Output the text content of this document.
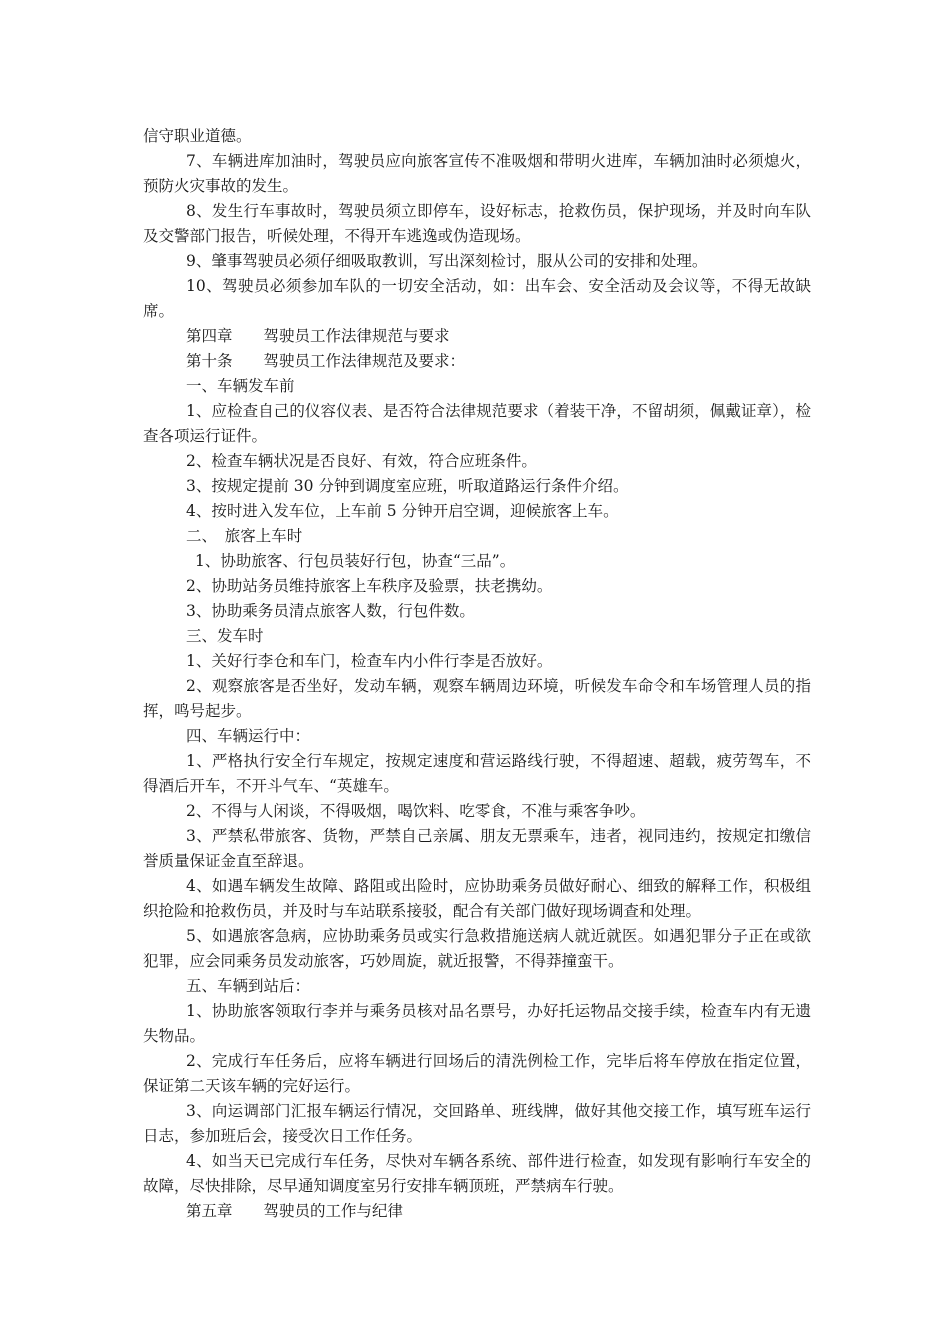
信守职业道德。

7、车辆进库加油时，驾驶员应向旅客宣传不准吸烟和带明火进库，车辆加油时必须熄火，预防火灾事故的发生。

8、发生行车事故时，驾驶员须立即停车，设好标志，抢救伤员，保护现场，并及时向车队及交警部门报告，听候处理，不得开车逃逸或伪造现场。

9、肇事驾驶员必须仔细吸取教训，写出深刻检讨，服从公司的安排和处理。

10、驾驶员必须参加车队的一切安全活动，如：出车会、安全活动及会议等，不得无故缺席。

第四章　　驾驶员工作法律规范与要求

第十条　　驾驶员工作法律规范及要求：

一、车辆发车前

1、应检查自己的仪容仪表、是否符合法律规范要求（着装干净，不留胡须，佩戴证章），检查各项运行证件。

2、检查车辆状况是否良好、有效，符合应班条件。

3、按规定提前 30 分钟到调度室应班，听取道路运行条件介绍。

4、按时进入发车位，上车前 5 分钟开启空调，迎候旅客上车。

二、　旅客上车时

1、协助旅客、行包员装好行包，协查“三品”。

2、协助站务员维持旅客上车秩序及验票，扶老携幼。

3、协助乘务员清点旅客人数，行包件数。

三、发车时

1、关好行李仓和车门，检查车内小件行李是否放好。

2、观察旅客是否坐好，发动车辆，观察车辆周边环境，听候发车命令和车场管理人员的指挥，鸣号起步。

四、车辆运行中：

1、严格执行安全行车规定，按规定速度和营运路线行驶，不得超速、超载，疲劳驾车，不得酒后开车，不开斗气车、“英雄车。

2、不得与人闲谈，不得吸烟，喝饮料、吃零食，不准与乘客争吵。

3、严禁私带旅客、货物，严禁自己亲属、朋友无票乘车，违者，视同违约，按规定扣缴信誉质量保证金直至辞退。

4、如遇车辆发生故障、路阻或出险时，应协助乘务员做好耐心、细致的解释工作，积极组织抢险和抢救伤员，并及时与车站联系接驳，配合有关部门做好现场调查和处理。

5、如遇旅客急病，应协助乘务员或实行急救措施送病人就近就医。如遇犯罪分子正在或欲犯罪，应会同乘务员发动旅客，巧妙周旋，就近报警，不得莽撞蛮干。

五、车辆到站后：

1、协助旅客领取行李并与乘务员核对品名票号，办好托运物品交接手续，检查车内有无遗失物品。

2、完成行车任务后，应将车辆进行回场后的清洗例检工作，完毕后将车停放在指定位置，保证第二天该车辆的完好运行。

3、向运调部门汇报车辆运行情况，交回路单、班线牌，做好其他交接工作，填写班车运行日志，参加班后会，接受次日工作任务。

4、如当天已完成行车任务，尽快对车辆各系统、部件进行检查，如发现有影响行车安全的故障，尽快排除，尽早通知调度室另行安排车辆顶班，严禁病车行驶。

第五章　　驾驶员的工作与纪律
